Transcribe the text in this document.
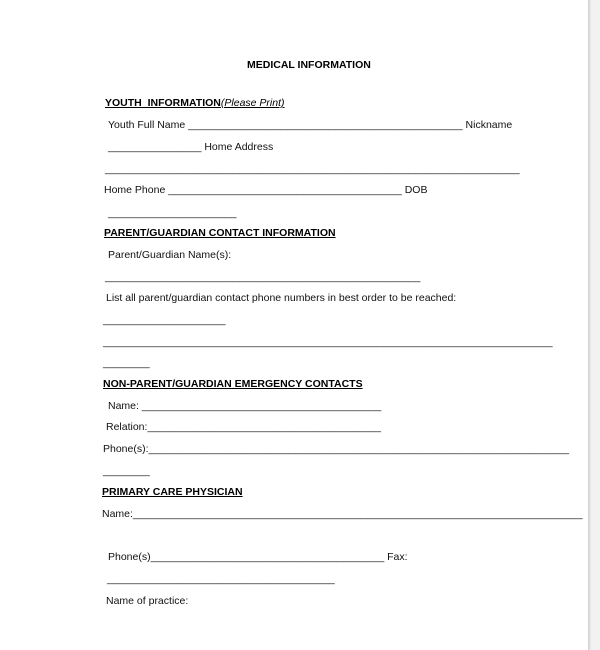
MEDICAL INFORMATION
YOUTH  INFORMATION(Please Print)
Youth Full Name _______________________________________________ Nickname
________________ Home Address
_______________________________________________________________________
Home Phone ________________________________________ DOB
______________________
PARENT/GUARDIAN CONTACT INFORMATION
Parent/Guardian Name(s):
______________________________________________________
List all parent/guardian contact phone numbers in best order to be reached:
_____________________
_____________________________________________________________________________
________
NON-PARENT/GUARDIAN EMERGENCY CONTACTS
Name: _________________________________________
Relation:________________________________________
Phone(s):________________________________________________________________________
________
PRIMARY CARE PHYSICIAN
Name:_____________________________________________________________________________
Phone(s)________________________________________ Fax:
_______________________________________
Name of practice:
